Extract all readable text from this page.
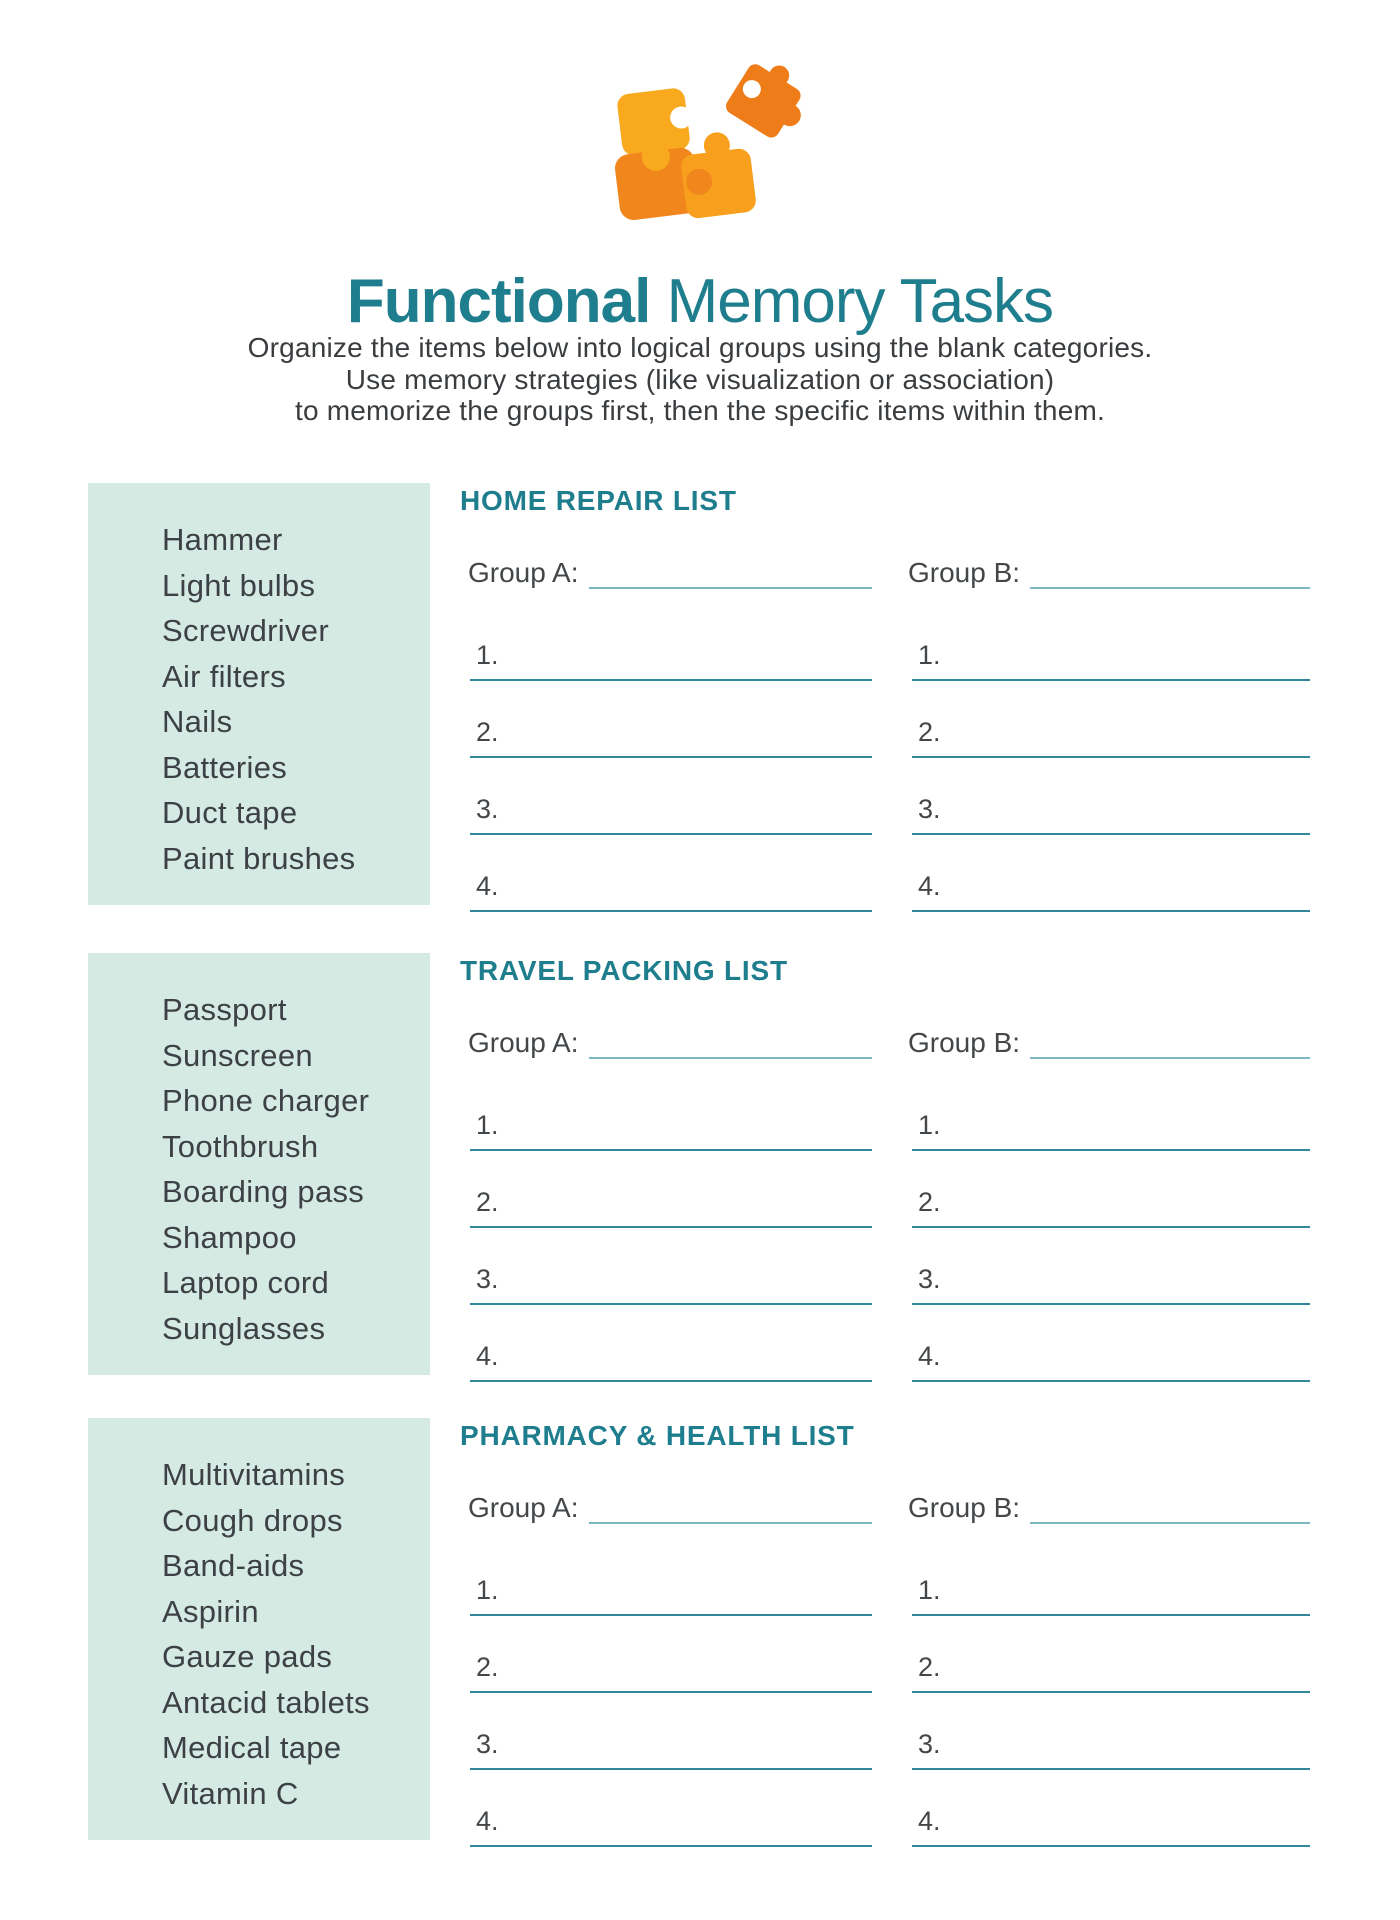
Functional Memory Tasks
Organize the items below into logical groups using the blank categories.
Use memory strategies (like visualization or association)
to memorize the groups first, then the specific items within them.
Hammer
Light bulbs
Screwdriver
Air filters
Nails
Batteries
Duct tape
Paint brushes
HOME REPAIR LIST
Group A:	Group B:
1.	1.
2.	2.
3.	3.
4.	4.
Passport
Sunscreen
Phone charger
Toothbrush
Boarding pass
Shampoo
Laptop cord
Sunglasses
TRAVEL PACKING LIST
Group A:	Group B:
1.	1.
2.	2.
3.	3.
4.	4.
Multivitamins
Cough drops
Band-aids
Aspirin
Gauze pads
Antacid tablets
Medical tape
Vitamin C
PHARMACY & HEALTH LIST
Group A:	Group B:
1.	1.
2.	2.
3.	3.
4.	4.
